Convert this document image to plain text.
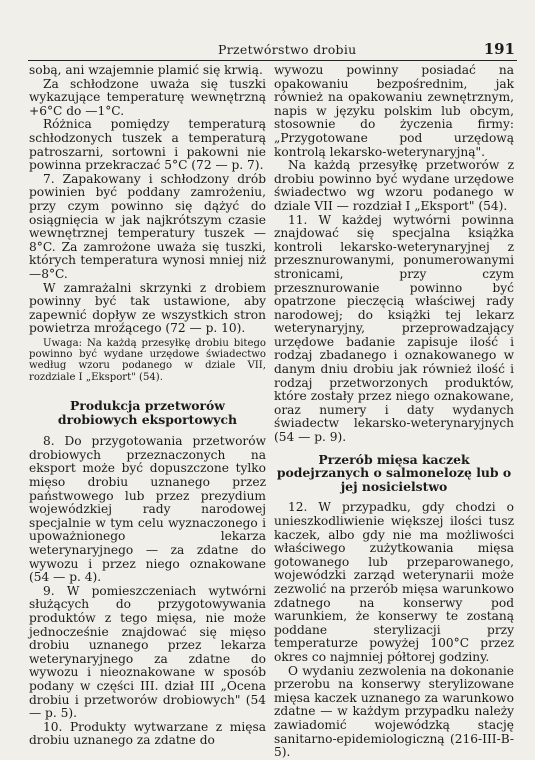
Przetwórstwo drobiu	191

sobą, ani wzajemnie plamić się krwią.

Za schłodzone uważa się tuszki wykazujące temperaturę wewnętrzną +6°C do —1°C.

Różnica pomiędzy temperaturą schłodzonych tuszek a temperaturą patroszarni, sortowni i pakowni nie powinna przekraczać 5°C (72 — p. 7).

7. Zapakowany i schłodzony drób powinien być poddany zamrożeniu, przy czym powinno się dążyć do osiągnięcia w jak najkrótszym czasie wewnętrznej temperatury tuszek —8°C. Za zamrożone uważa się tuszki, których temperatura wynosi mniej niż —8°C.

W zamrażalni skrzynki z drobiem powinny być tak ustawione, aby zapewnić dopływ ze wszystkich stron powietrza mroźącego (72 — p. 10).

Uwaga: Na każdą przesyłkę drobiu bitego powinno być wydane urzędowe świadectwo według wzoru podanego w dziale VII, rozdziale I „Eksport" (54).

Produkcja przetworów drobiowych eksportowych

8. Do przygotowania przetworów drobiowych przeznaczonych na eksport może być dopuszczone tylko mięso drobiu uznanego przez państwowego lub przez prezydium wojewódzkiej rady narodowej specjalnie w tym celu wyznaczonego i upoważnionego lekarza weterynaryjnego — za zdatne do wywozu i przez niego oznakowane (54 — p. 4).

9. W pomieszczeniach wytwórni służących do przygotowywania produktów z tego mięsa, nie może jednocześnie znajdować się mięso drobiu uznanego przez lekarza weterynaryjnego za zdatne do wywozu i nieoznakowane w sposób podany w części III. dział III „Ocena drobiu i przetworów drobiowych" (54 — p. 5).

10. Produkty wytwarzane z mięsa drobiu uznanego za zdatne do

wywozu powinny posiadać na opakowaniu bezpośrednim, jak również na opakowaniu zewnętrznym, napis w języku polskim lub obcym, stosownie do życzenia firmy: „Przygotowane pod urzędową kontrolą lekarsko-weterynaryjną".

Na każdą przesyłkę przetworów z drobiu powinno być wydane urzędowe świadectwo wg wzoru podanego w dziale VII — rozdział I „Eksport" (54).

11. W każdej wytwórni powinna znajdować się specjalna książka kontroli lekarsko-weterynaryjnej z przesznurowanymi, ponumerowanymi stronicami, przy czym przesznurowanie powinno być opatrzone pieczęcią właściwej rady narodowej; do książki tej lekarz weterynaryjny, przeprowadzający urzędowe badanie zapisuje ilość i rodzaj zbadanego i oznakowanego w danym dniu drobiu jak również ilość i rodzaj przetworzonych produktów, które zostały przez niego oznakowane, oraz numery i daty wydanych świadectw lekarsko-weterynaryjnych (54 — p. 9).

Przerób mięsa kaczek podejrzanych o salmonelozę lub o jej nosicielstwo

12. W przypadku, gdy chodzi o unieszkodliwienie większej ilości tusz kaczek, albo gdy nie ma możliwości właściwego zużytkowania mięsa gotowanego lub przeparowanego, wojewódzki zarząd weterynarii może zezwolić na przerób mięsa warunkowo zdatnego na konserwy pod warunkiem, że konserwy te zostaną poddane sterylizacji przy temperaturze powyżej 100°C przez okres co najmniej półtorej godziny.

O wydaniu zezwolenia na dokonanie przerobu na konserwy sterylizowane mięsa kaczek uznanego za warunkowo zdatne — w każdym przypadku należy zawiadomić wojewódzką stację sanitarno-epidemiologiczną (216-III-B-5).
